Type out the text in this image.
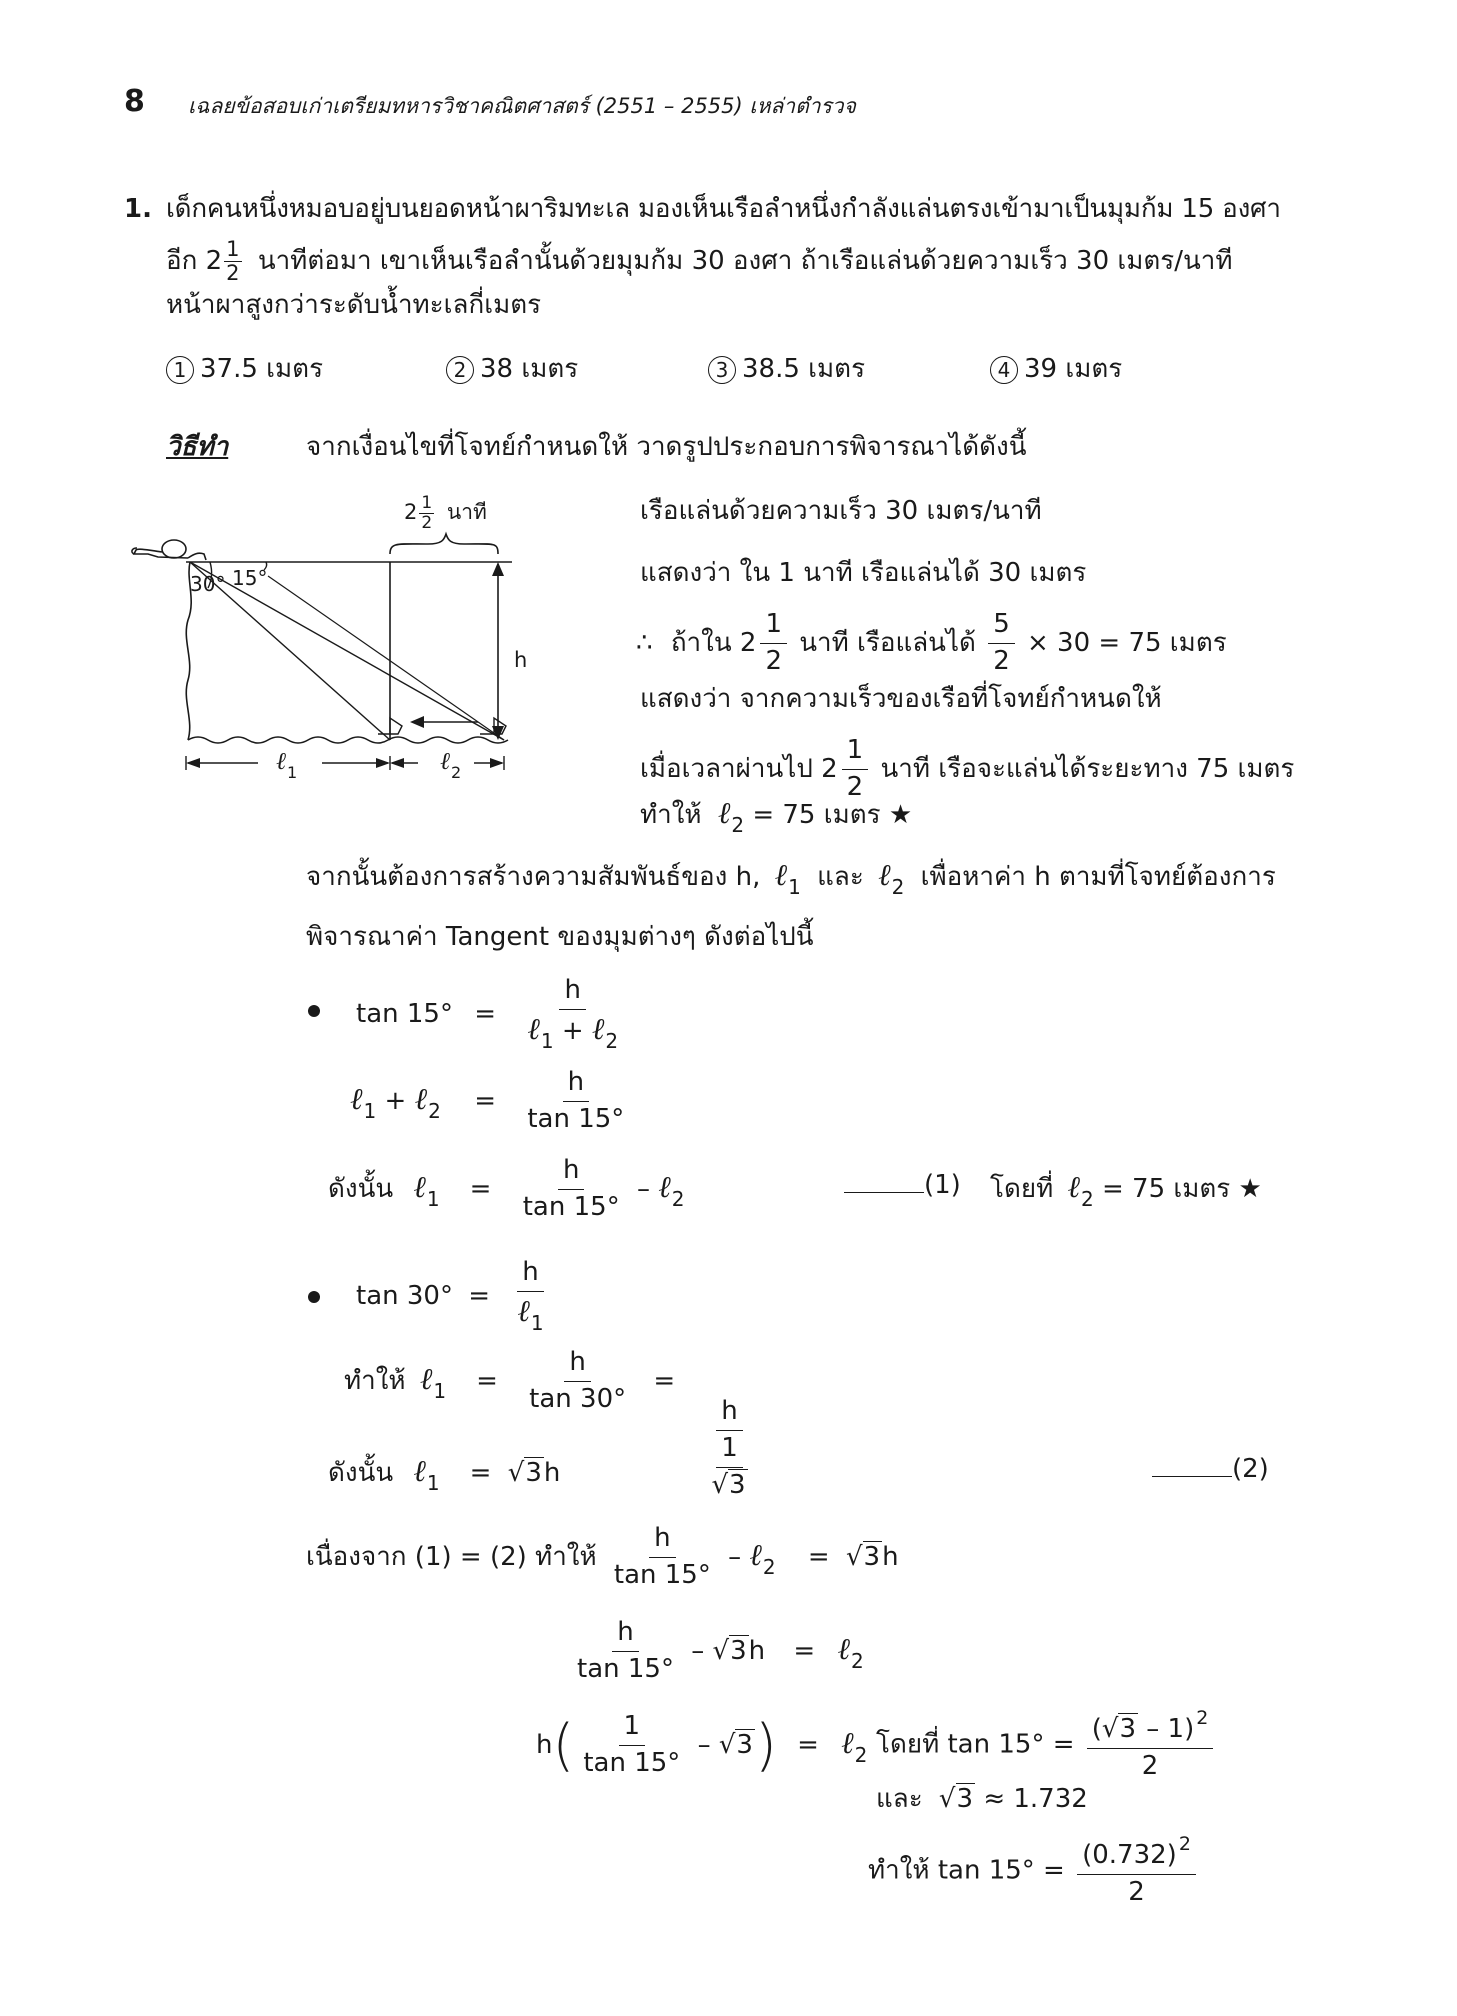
8 เฉลยข้อสอบเก่าเตรียมทหารวิชาคณิตศาสตร์ (2551 – 2555) เหล่าตำรวจ
1. เด็กคนหนึ่งหมอบอยู่บนยอดหน้าผาริมทะเล มองเห็นเรือลำหนึ่งกำลังแล่นตรงเข้ามาเป็นมุมก้ม 15 องศา
อีก $2 \frac{1}{2}$ นาทีต่อมา เขาเห็นเรือลำนั้นด้วยมุมก้ม 30 องศา ถ้าเรือแล่นด้วยความเร็ว 30 เมตร/นาที
หน้าผาสูงกว่าระดับน้ำทะเลกี่เมตร
1 37.5 เมตร	2 38 เมตร	3 38.5 เมตร	4 39 เมตร
วิธีทำ	จากเงื่อนไขที่โจทย์กำหนดให้ วาดรูปประกอบการพิจารณาได้ดังนี้
$2 \frac{1}{2}$ นาที
30° 15°
h
ℓ$_1$	ℓ$_2$
เรือแล่นด้วยความเร็ว 30 เมตร/นาที
แสดงว่า ใน 1 นาที เรือแล่นได้ 30 เมตร
∴ ถ้าใน $2 \frac{1}{2}$ นาที เรือแล่นได้ $\frac{5}{2} \times 30 = 75$ เมตร
แสดงว่า จากความเร็วของเรือที่โจทย์กำหนดให้
เมื่อเวลาผ่านไป $2 \frac{1}{2}$ นาที เรือจะแล่นได้ระยะทาง 75 เมตร
ทำให้ ℓ$_2$ = 75 เมตร ★
จากนั้นต้องการสร้างความสัมพันธ์ของ h, ℓ$_1$ และ ℓ$_2$ เพื่อหาค่า h ตามที่โจทย์ต้องการ
พิจารณาค่า Tangent ของมุมต่างๆ ดังต่อไปนี้
$\tan 15^\circ = \frac{h}{\ell_1 + \ell_2}$
ℓ$_1$ + ℓ$_2$ = $\frac{h}{\tan 15^\circ}$
ดังนั้น ℓ$_1$ = $\frac{h}{\tan 15^\circ}$ – ℓ$_2$	(1) โดยที่ ℓ$_2$ = 75 เมตร ★
$\tan 30^\circ = \frac{h}{\ell_1}$
ทำให้ ℓ$_1$ = $\frac{h}{\tan 30^\circ}$ =
$\frac{h}{\frac{1}{√3}}$
ดังนั้น ℓ$_1$ = √3h	(2)
เนื่องจาก (1) = (2) ทำให้ $\frac{h}{\tan 15^\circ}$ – ℓ$_2$ = √3h
$\frac{h}{\tan 15^\circ} - √3h$ = ℓ$_2$
$h( \frac{1}{\tan 15^\circ} - √3)$ = ℓ$_2$ โดยที่ $\tan 15^\circ = \frac{(√3 - 1) ^2}{2}$
และ √3 ≈ 1.732
ทำให้ $\tan 15^\circ = \frac{(0.732) ^2}{2}$
